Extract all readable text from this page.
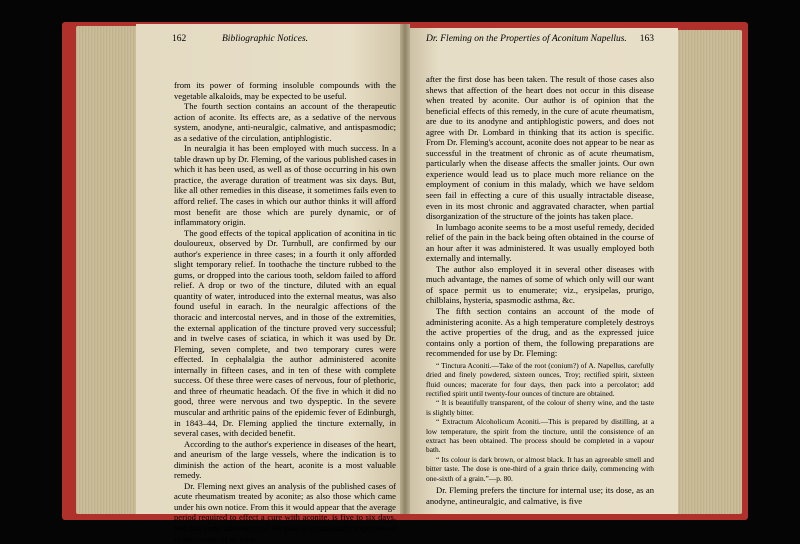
162	Bibliographic Notices.	Dr. Fleming on the Properties of Aconitum Napellus. 163

from its power of forming insoluble compounds with the vegetable alkaloids, may be expected to be useful.

The fourth section contains an account of the therapeutic action of aconite. Its effects are, as a sedative of the nervous system, anodyne, anti-neuralgic, calmative, and antispasmodic; as a sedative of the circulation, antiphlogistic.

In neuralgia it has been employed with much success. In a table drawn up by Dr. Fleming, of the various published cases in which it has been used, as well as of those occurring in his own practice, the average duration of treatment was six days. But, like all other remedies in this disease, it sometimes fails even to afford relief. The cases in which our author thinks it will afford most benefit are those which are purely dynamic, or of inflammatory origin.

The good effects of the topical application of aconitina in tic douloureux, observed by Dr. Turnbull, are confirmed by our author's experience in three cases; in a fourth it only afforded slight temporary relief. In toothache the tincture rubbed to the gums, or dropped into the carious tooth, seldom failed to afford relief. A drop or two of the tincture, diluted with an equal quantity of water, introduced into the external meatus, was also found useful in earach. In the neuralgic affections of the thoracic and intercostal nerves, and in those of the extremities, the external application of the tincture proved very successful; and in twelve cases of sciatica, in which it was used by Dr. Fleming, seven complete, and two temporary cures were effected. In cephalalgia the author administered aconite internally in fifteen cases, and in ten of these with complete success. Of these three were cases of nervous, four of plethoric, and three of rheumatic headach. Of the five in which it did no good, three were nervous and two dyspeptic. In the severe muscular and arthritic pains of the epidemic fever of Edinburgh, in 1843–44, Dr. Fleming applied the tincture externally, in several cases, with decided benefit.

According to the author's experience in diseases of the heart, and aneurism of the large vessels, where the indication is to diminish the action of the heart, aconite is a most valuable remedy.

Dr. Fleming next gives an analysis of the published cases of acute rheumatism treated by aconite; as also those which came under his own notice. From this it would appear that the average period required to effect a cure with aconite, is five to six days, and that some alleviation of the pain is occasionally experienced in the course of an hour

after the first dose has been taken. The result of those cases also shews that affection of the heart does not occur in this disease when treated by aconite. Our author is of opinion that the beneficial effects of this remedy, in the cure of acute rheumatism, are due to its anodyne and antiphlogistic powers, and does not agree with Dr. Lombard in thinking that its action is specific. From Dr. Fleming's account, aconite does not appear to be near as successful in the treatment of chronic as of acute rheumatism, particularly when the disease affects the smaller joints. Our own experience would lead us to place much more reliance on the employment of conium in this malady, which we have seldom seen fail in effecting a cure of this usually intractable disease, even in its most chronic and aggravated character, when partial disorganization of the structure of the joints has taken place.

In lumbago aconite seems to be a most useful remedy, decided relief of the pain in the back being often obtained in the course of an hour after it was administered. It was usually employed both externally and internally.

The author also employed it in several other diseases with much advantage, the names of some of which only will our want of space permit us to enumerate; viz., erysipelas, prurigo, chilblains, hysteria, spasmodic asthma, &c.

The fifth section contains an account of the mode of administering aconite. As a high temperature completely destroys the active properties of the drug, and as the expressed juice contains only a portion of them, the following preparations are recommended for use by Dr. Fleming:

“ Tinctura Aconiti.—Take of the root (conium?) of A. Napellus, carefully dried and finely powdered, sixteen ounces, Troy; rectified spirit, sixteen fluid ounces; macerate for four days, then pack into a percolator; add rectified spirit until twenty-four ounces of tincture are obtained.

“ It is beautifully transparent, of the colour of sherry wine, and the taste is slightly bitter.

“ Extractum Alcoholicum Aconiti.—This is prepared by distilling, at a low temperature, the spirit from the tincture, until the consistence of an extract has been obtained. The process should be completed in a vapour bath.

“ Its colour is dark brown, or almost black. It has an agreeable smell and bitter taste. The dose is one-third of a grain thrice daily, commencing with one-sixth of a grain.”—p. 80.

Dr. Fleming prefers the tincture for internal use; its dose, as an anodyne, antineuralgic, and calmative, is five
